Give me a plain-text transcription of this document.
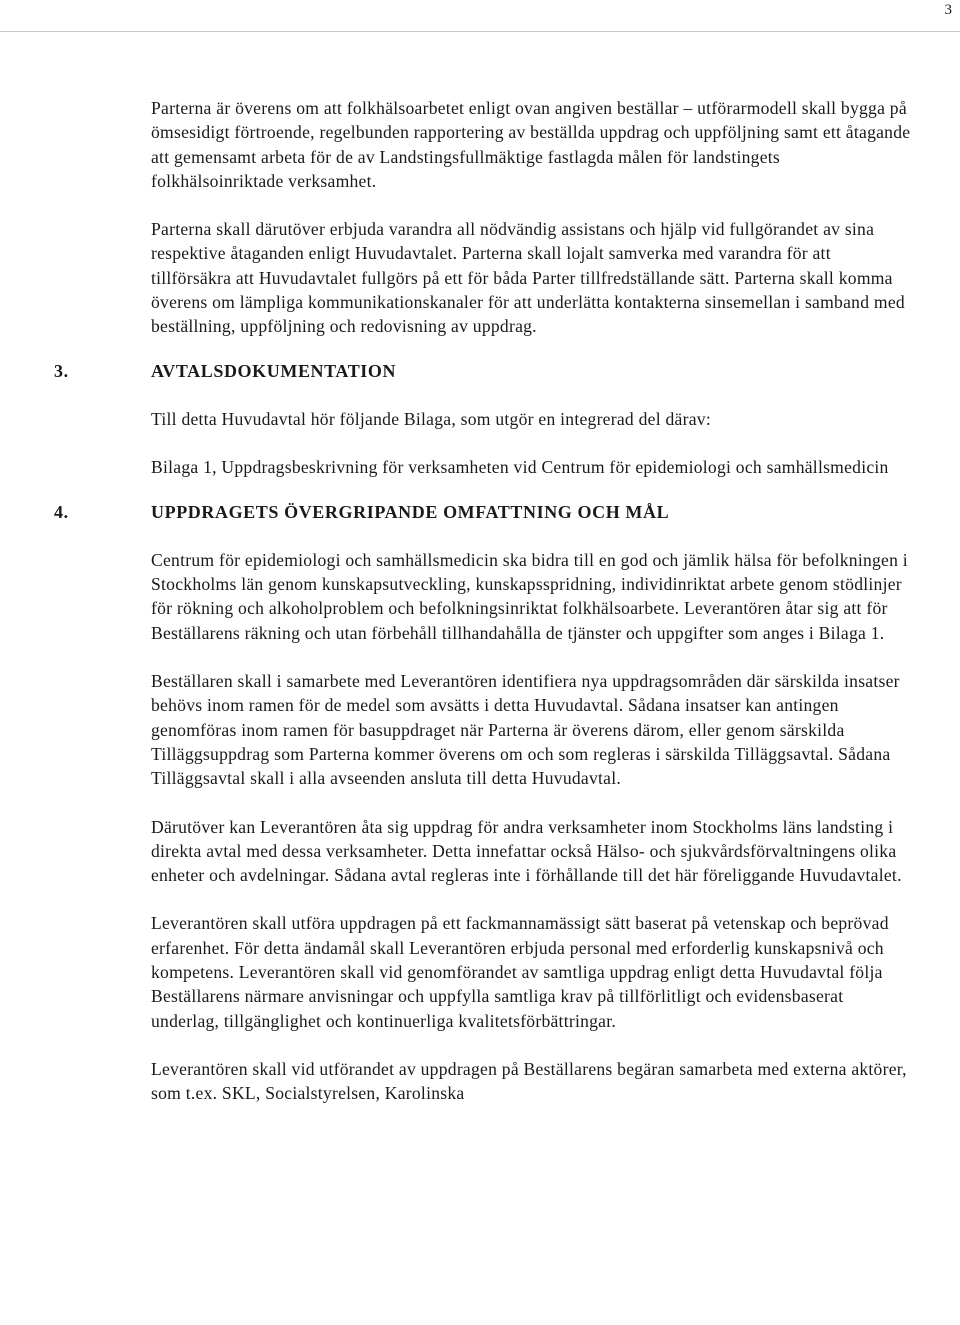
3

Parterna är överens om att folkhälsoarbetet enligt ovan angiven beställar – utförarmodell skall bygga på ömsesidigt förtroende, regelbunden rapportering av beställda uppdrag och uppföljning samt ett åtagande att gemensamt arbeta för de av Landstingsfullmäktige fastlagda målen för landstingets folkhälsoinriktade verksamhet.

Parterna skall därutöver erbjuda varandra all nödvändig assistans och hjälp vid fullgörandet av sina respektive åtaganden enligt Huvudavtalet. Parterna skall lojalt samverka med varandra för att tillförsäkra att Huvudavtalet fullgörs på ett för båda Parter tillfredställande sätt. Parterna skall komma överens om lämpliga kommunikationskanaler för att underlätta kontakterna sinsemellan i samband med beställning, uppföljning och redovisning av uppdrag.

3.	AVTALSDOKUMENTATION

Till detta Huvudavtal hör följande Bilaga, som utgör en integrerad del därav:

Bilaga 1, Uppdragsbeskrivning för verksamheten vid Centrum för epidemiologi och samhällsmedicin

4.	UPPDRAGETS ÖVERGRIPANDE OMFATTNING OCH MÅL

Centrum för epidemiologi och samhällsmedicin ska bidra till en god och jämlik hälsa för befolkningen i Stockholms län genom kunskapsutveckling, kunskapsspridning, individinriktat arbete genom stödlinjer för rökning och alkoholproblem och befolkningsinriktat folkhälsoarbete. Leverantören åtar sig att för Beställarens räkning och utan förbehåll tillhandahålla de tjänster och uppgifter som anges i Bilaga 1.

Beställaren skall i samarbete med Leverantören identifiera nya uppdragsområden där särskilda insatser behövs inom ramen för de medel som avsätts i detta Huvudavtal. Sådana insatser kan antingen genomföras inom ramen för basuppdraget när Parterna är överens därom, eller genom särskilda Tilläggsuppdrag som Parterna kommer överens om och som regleras i särskilda Tilläggsavtal. Sådana Tilläggsavtal skall i alla avseenden ansluta till detta Huvudavtal.

Därutöver kan Leverantören åta sig uppdrag för andra verksamheter inom Stockholms läns landsting i direkta avtal med dessa verksamheter. Detta innefattar också Hälso- och sjukvårdsförvaltningens olika enheter och avdelningar. Sådana avtal regleras inte i förhållande till det här föreliggande Huvudavtalet.

Leverantören skall utföra uppdragen på ett fackmannamässigt sätt baserat på vetenskap och beprövad erfarenhet. För detta ändamål skall Leverantören erbjuda personal med erforderlig kunskapsnivå och kompetens. Leverantören skall vid genomförandet av samtliga uppdrag enligt detta Huvudavtal följa Beställarens närmare anvisningar och uppfylla samtliga krav på tillförlitligt och evidensbaserat underlag, tillgänglighet och kontinuerliga kvalitetsförbättringar.

Leverantören skall vid utförandet av uppdragen på Beställarens begäran samarbeta med externa aktörer, som t.ex. SKL, Socialstyrelsen, Karolinska
